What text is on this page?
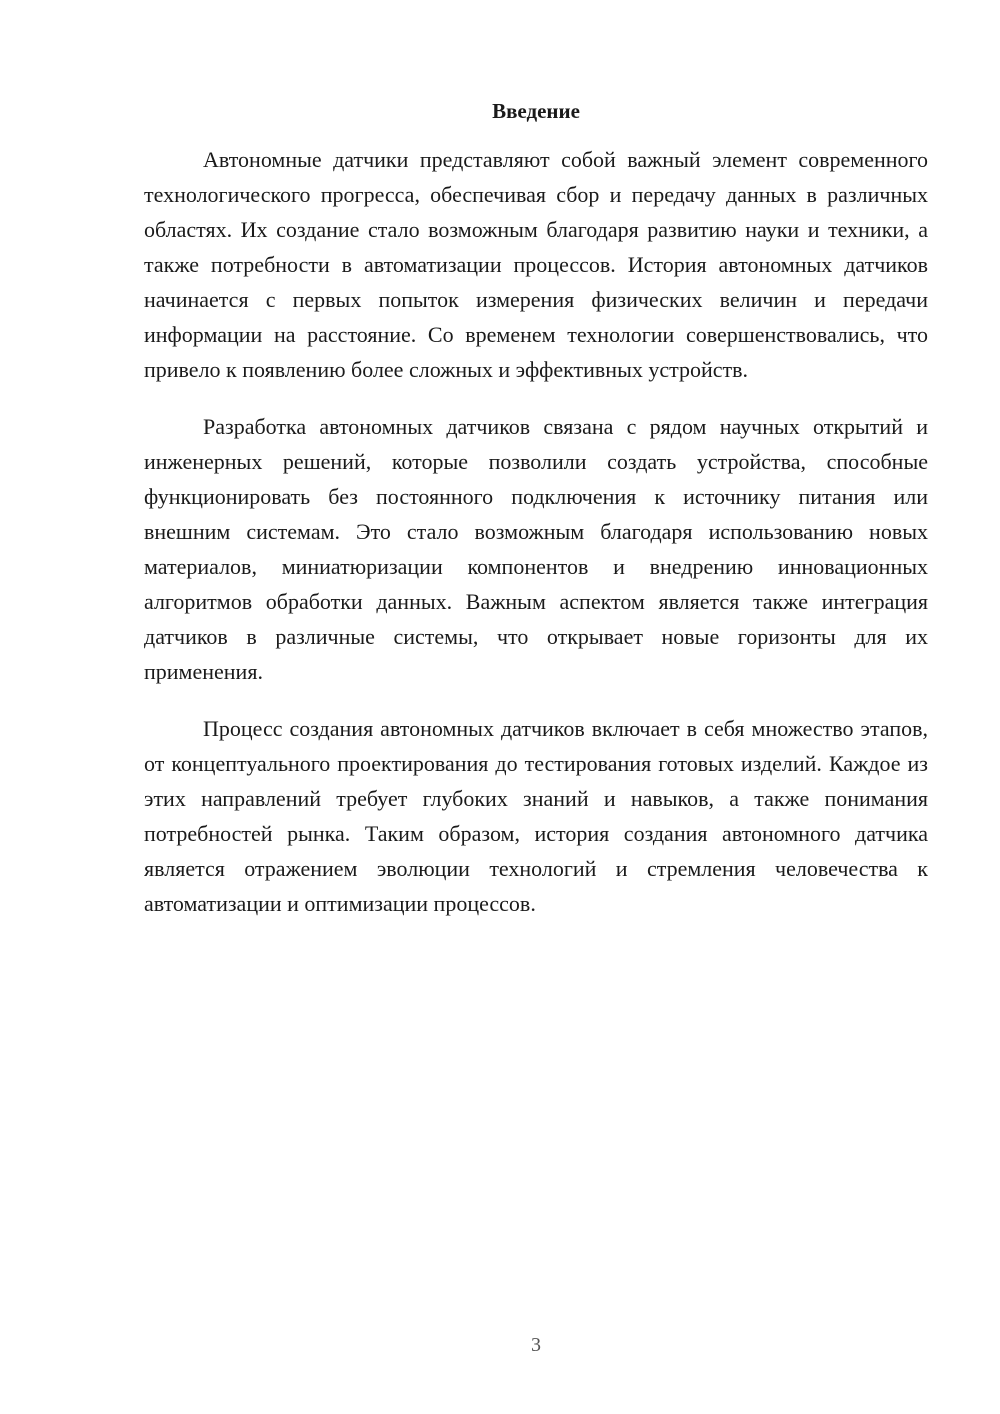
Введение

Автономные датчики представляют собой важный элемент современного технологического прогресса, обеспечивая сбор и передачу данных в различных областях. Их создание стало возможным благодаря развитию науки и техники, а также потребности в автоматизации процессов. История автономных датчиков начинается с первых попыток измерения физических величин и передачи информации на расстояние. Со временем технологии совершенствовались, что привело к появлению более сложных и эффективных устройств.

Разработка автономных датчиков связана с рядом научных открытий и инженерных решений, которые позволили создать устройства, способные функционировать без постоянного подключения к источнику питания или внешним системам. Это стало возможным благодаря использованию новых материалов, миниатюризации компонентов и внедрению инновационных алгоритмов обработки данных. Важным аспектом является также интеграция датчиков в различные системы, что открывает новые горизонты для их применения.

Процесс создания автономных датчиков включает в себя множество этапов, от концептуального проектирования до тестирования готовых изделий. Каждое из этих направлений требует глубоких знаний и навыков, а также понимания потребностей рынка. Таким образом, история создания автономного датчика является отражением эволюции технологий и стремления человечества к автоматизации и оптимизации процессов.

3
